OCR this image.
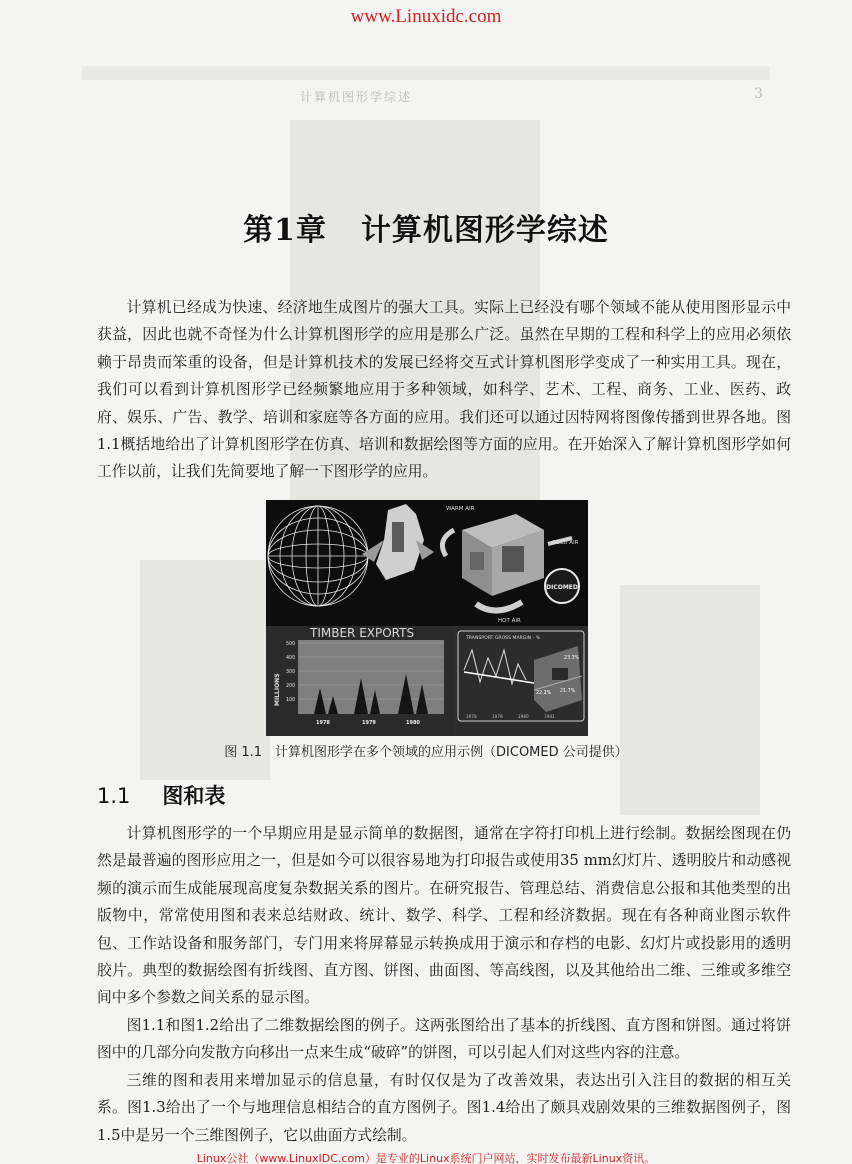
www.Linuxidc.com
计算机图形学综述	3
第1章 计算机图形学综述

计算机已经成为快速、经济地生成图片的强大工具。实际上已经没有哪个领域不能从使用图形显示中获益，因此也就不奇怪为什么计算机图形学的应用是那么广泛。虽然在早期的工程和科学上的应用必须依赖于昂贵而笨重的设备，但是计算机技术的发展已经将交互式计算机图形学变成了一种实用工具。现在，我们可以看到计算机图形学已经频繁地应用于多种领域，如科学、艺术、工程、商务、工业、医药、政府、娱乐、广告、教学、培训和家庭等各方面的应用。我们还可以通过因特网将图像传播到世界各地。图1.1概括地给出了计算机图形学在仿真、培训和数据绘图等方面的应用。在开始深入了解计算机图形学如何工作以前，让我们先简要地了解一下图形学的应用。

WARM AIR
COLD AIR
HOT AIR
DICOMED
TIMBER EXPORTS
MILLIONS
500
400
300
200
100
1978	1979	1980
TRANSPORT GROSS MARGIN - %
23.3%
21.7%
22.2%
1978	1979	1980	1981
图 1.1　计算机图形学在多个领域的应用示例（DICOMED 公司提供）
1.1 图和表

计算机图形学的一个早期应用是显示简单的数据图，通常在字符打印机上进行绘制。数据绘图现在仍然是最普遍的图形应用之一，但是如今可以很容易地为打印报告或使用35 mm幻灯片、透明胶片和动感视频的演示而生成能展现高度复杂数据关系的图片。在研究报告、管理总结、消费信息公报和其他类型的出版物中，常常使用图和表来总结财政、统计、数学、科学、工程和经济数据。现在有各种商业图示软件包、工作站设备和服务部门，专门用来将屏幕显示转换成用于演示和存档的电影、幻灯片或投影用的透明胶片。典型的数据绘图有折线图、直方图、饼图、曲面图、等高线图，以及其他给出二维、三维或多维空间中多个参数之间关系的显示图。

图1.1和图1.2给出了二维数据绘图的例子。这两张图给出了基本的折线图、直方图和饼图。通过将饼图中的几部分向发散方向移出一点来生成“破碎”的饼图，可以引起人们对这些内容的注意。

三维的图和表用来增加显示的信息量，有时仅仅是为了改善效果，表达出引入注目的数据的相互关系。图1.3给出了一个与地理信息相结合的直方图例子。图1.4给出了颇具戏剧效果的三维数据图例子，图1.5中是另一个三维图例子，它以曲面方式绘制。

Linux公社（www.LinuxIDC.com）是专业的Linux系统门户网站，实时发布最新Linux资讯。
